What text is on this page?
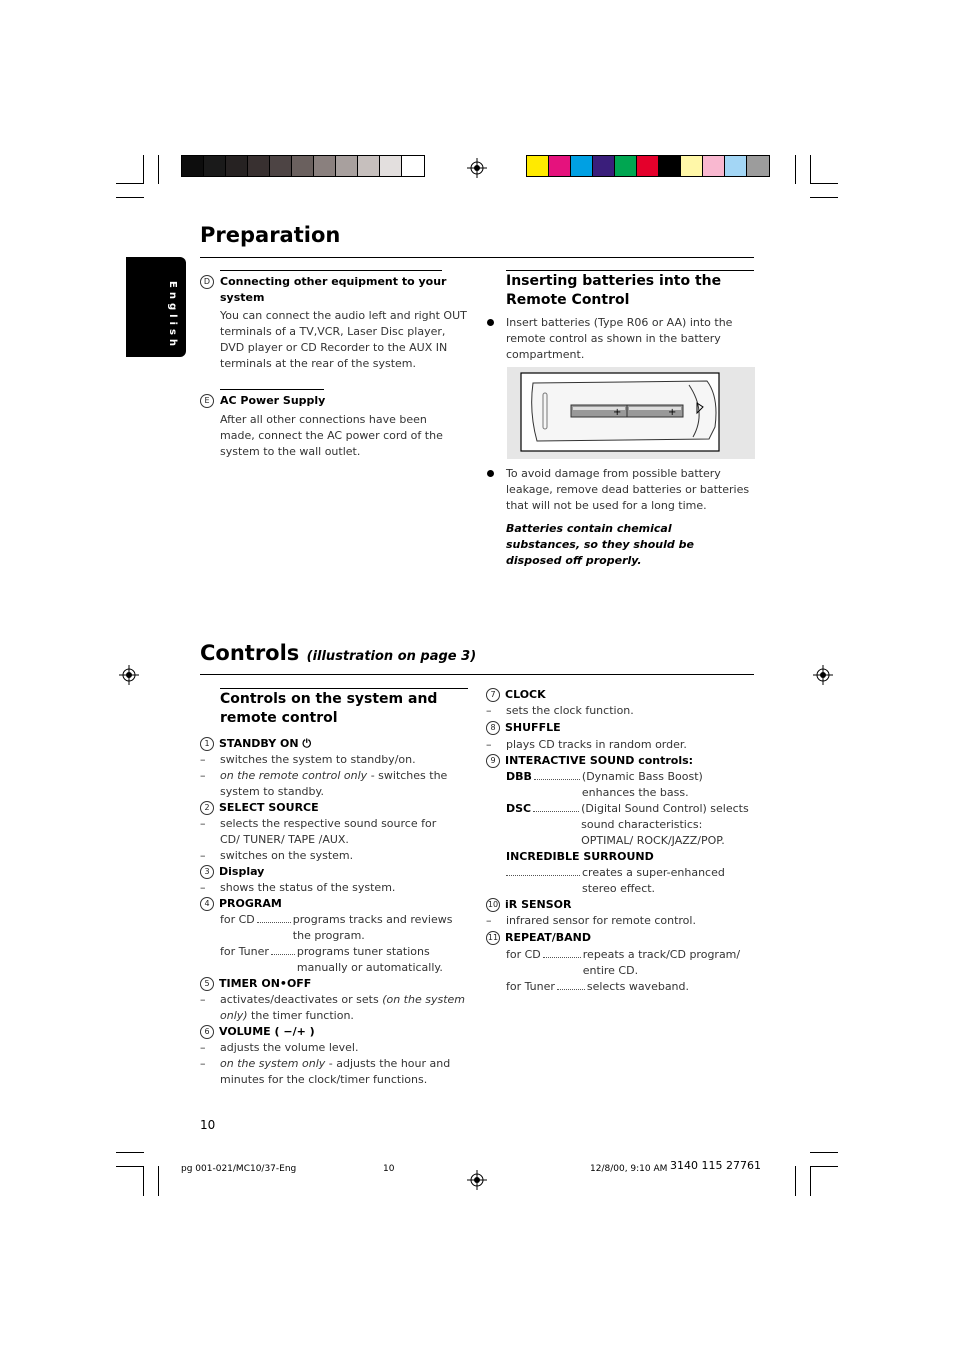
English
Preparation
D Connecting other equipment to your system
You can connect the audio left and right OUT terminals of a TV,VCR, Laser Disc player, DVD player or CD Recorder to the AUX IN terminals at the rear of the system.
E AC Power Supply
After all other connections have been made, connect the AC power cord of the system to the wall outlet.
Inserting batteries into the Remote Control
Insert batteries (Type R06 or AA) into the remote control as shown in the battery compartment.
+	+
To avoid damage from possible battery leakage, remove dead batteries or batteries that will not be used for a long time.
Batteries contain chemical substances, so they should be disposed off properly.
Controls (illustration on page 3)
Controls on the system and remote control
1 STANDBY ON ⏻
– switches the system to standby/on.
– on the remote control only - switches the system to standby.
2 SELECT SOURCE
– selects the respective sound source for CD/ TUNER/ TAPE /AUX.
– switches on the system.
3 Display
– shows the status of the system.
4 PROGRAM
for CD	programs tracks and reviews the program.
for Tuner	programs tuner stations manually or automatically.
5 TIMER ON•OFF
– activates/deactivates or sets (on the system only) the timer function.
6 VOLUME ( −/+ )
– adjusts the volume level.
– on the system only - adjusts the hour and minutes for the clock/timer functions.
7 CLOCK
– sets the clock function.
8 SHUFFLE
– plays CD tracks in random order.
9 INTERACTIVE SOUND controls:
DBB	(Dynamic Bass Boost) enhances the bass.
DSC	(Digital Sound Control) selects sound characteristics: OPTIMAL/ ROCK/JAZZ/POP.
INCREDIBLE SURROUND
creates a super-enhanced stereo effect.
10 iR SENSOR
– infrared sensor for remote control.
11 REPEAT/BAND
for CD	repeats a track/CD program/ entire CD.
for Tuner	selects waveband.
10
pg 001-021/MC10/37-Eng	10	12/8/00, 9:10 AM 3140 115 27761
